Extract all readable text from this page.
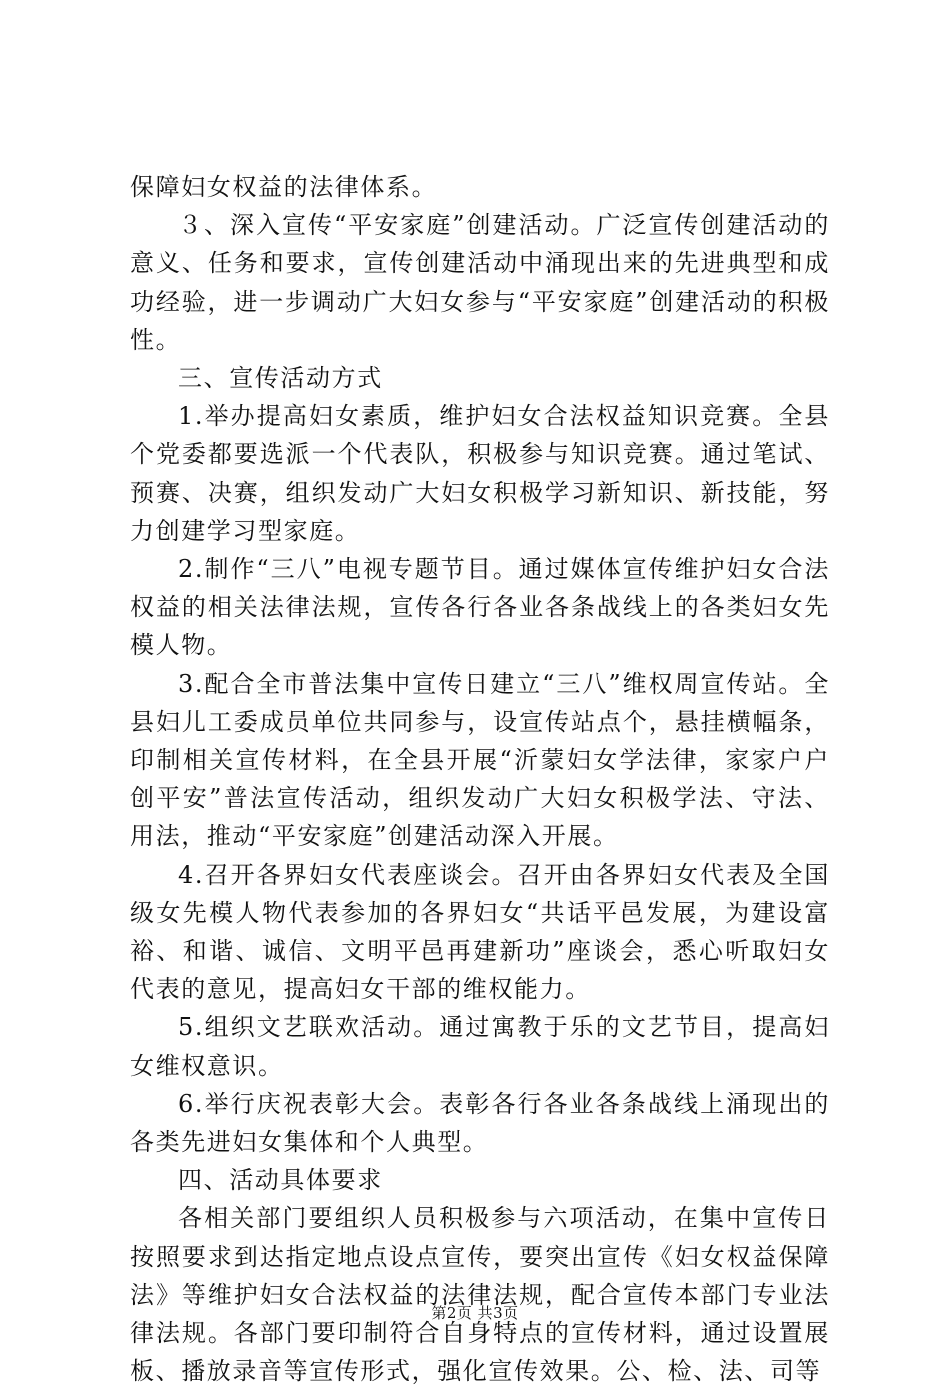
保障妇女权益的法律体系。

３、深入宣传“平安家庭”创建活动。广泛宣传创建活动的意义、任务和要求，宣传创建活动中涌现出来的先进典型和成功经验，进一步调动广大妇女参与“平安家庭”创建活动的积极性。

三、宣传活动方式

1.举办提高妇女素质，维护妇女合法权益知识竞赛。全县个党委都要选派一个代表队，积极参与知识竞赛。通过笔试、预赛、决赛，组织发动广大妇女积极学习新知识、新技能，努力创建学习型家庭。

2.制作“三八”电视专题节目。通过媒体宣传维护妇女合法权益的相关法律法规，宣传各行各业各条战线上的各类妇女先模人物。

3.配合全市普法集中宣传日建立“三八”维权周宣传站。全县妇儿工委成员单位共同参与，设宣传站点个，悬挂横幅条，印制相关宣传材料，在全县开展“沂蒙妇女学法律，家家户户创平安”普法宣传活动，组织发动广大妇女积极学法、守法、用法，推动“平安家庭”创建活动深入开展。

4.召开各界妇女代表座谈会。召开由各界妇女代表及全国级女先模人物代表参加的各界妇女“共话平邑发展，为建设富裕、和谐、诚信、文明平邑再建新功”座谈会，悉心听取妇女代表的意见，提高妇女干部的维权能力。

5.组织文艺联欢活动。通过寓教于乐的文艺节目，提高妇女维权意识。

6.举行庆祝表彰大会。表彰各行各业各条战线上涌现出的各类先进妇女集体和个人典型。

四、活动具体要求

各相关部门要组织人员积极参与六项活动，在集中宣传日按照要求到达指定地点设点宣传，要突出宣传《妇女权益保障法》等维护妇女合法权益的法律法规，配合宣传本部门专业法律法规。各部门要印制符合自身特点的宣传材料，通过设置展板、播放录音等宣传形式，强化宣传效果。公、检、法、司等

第2页 共3页
